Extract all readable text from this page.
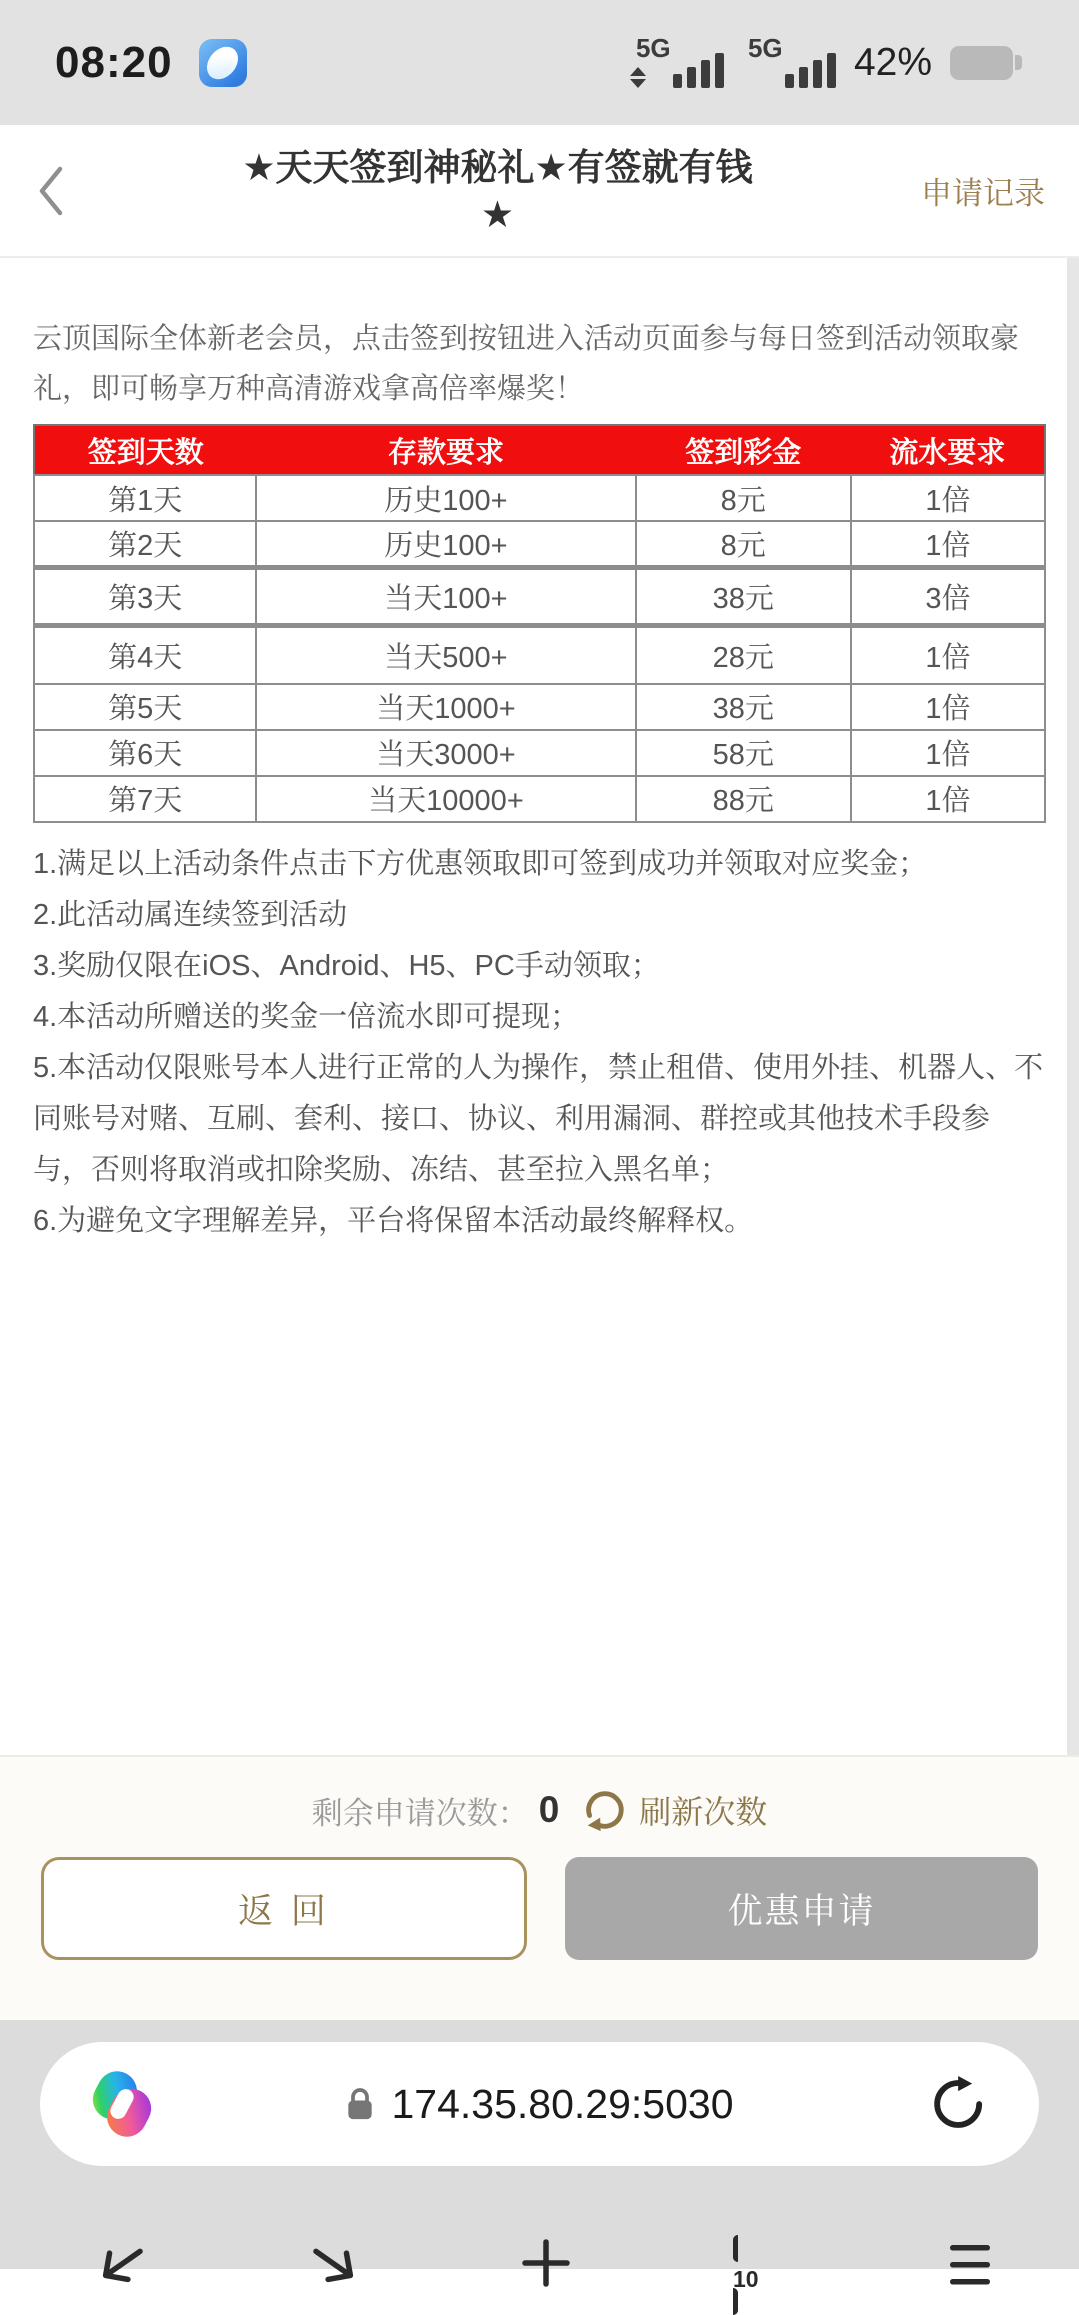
08:20	5G	5G 42%
★天天签到神秘礼★有签就有钱
★	申请记录

云顶国际全体新老会员，点击签到按钮进入活动页面参与每日签到活动领取豪礼，即可畅享万种高清游戏拿高倍率爆奖！

签到天数	存款要求	签到彩金	流水要求
第1天	历史100+	8元	1倍
第2天	历史100+	8元	1倍
第3天	当天100+	38元	3倍
第4天	当天500+	28元	1倍
第5天	当天1000+	38元	1倍
第6天	当天3000+	58元	1倍
第7天	当天10000+	88元	1倍

1.满足以上活动条件点击下方优惠领取即可签到成功并领取对应奖金；

2.此活动属连续签到活动

3.奖励仅限在iOS、Android、H5、PC手动领取；

4.本活动所赠送的奖金一倍流水即可提现；

5.本活动仅限账号本人进行正常的人为操作，禁止租借、使用外挂、机器人、不同账号对赌、互刷、套利、接口、协议、利用漏洞、群控或其他技术手段参与，否则将取消或扣除奖励、冻结、甚至拉入黑名单；

6.为避免文字理解差异，平台将保留本活动最终解释权。

剩余申请次数： 0	刷新次数
返 回	优惠申请
174.35.80.29:5030
10
